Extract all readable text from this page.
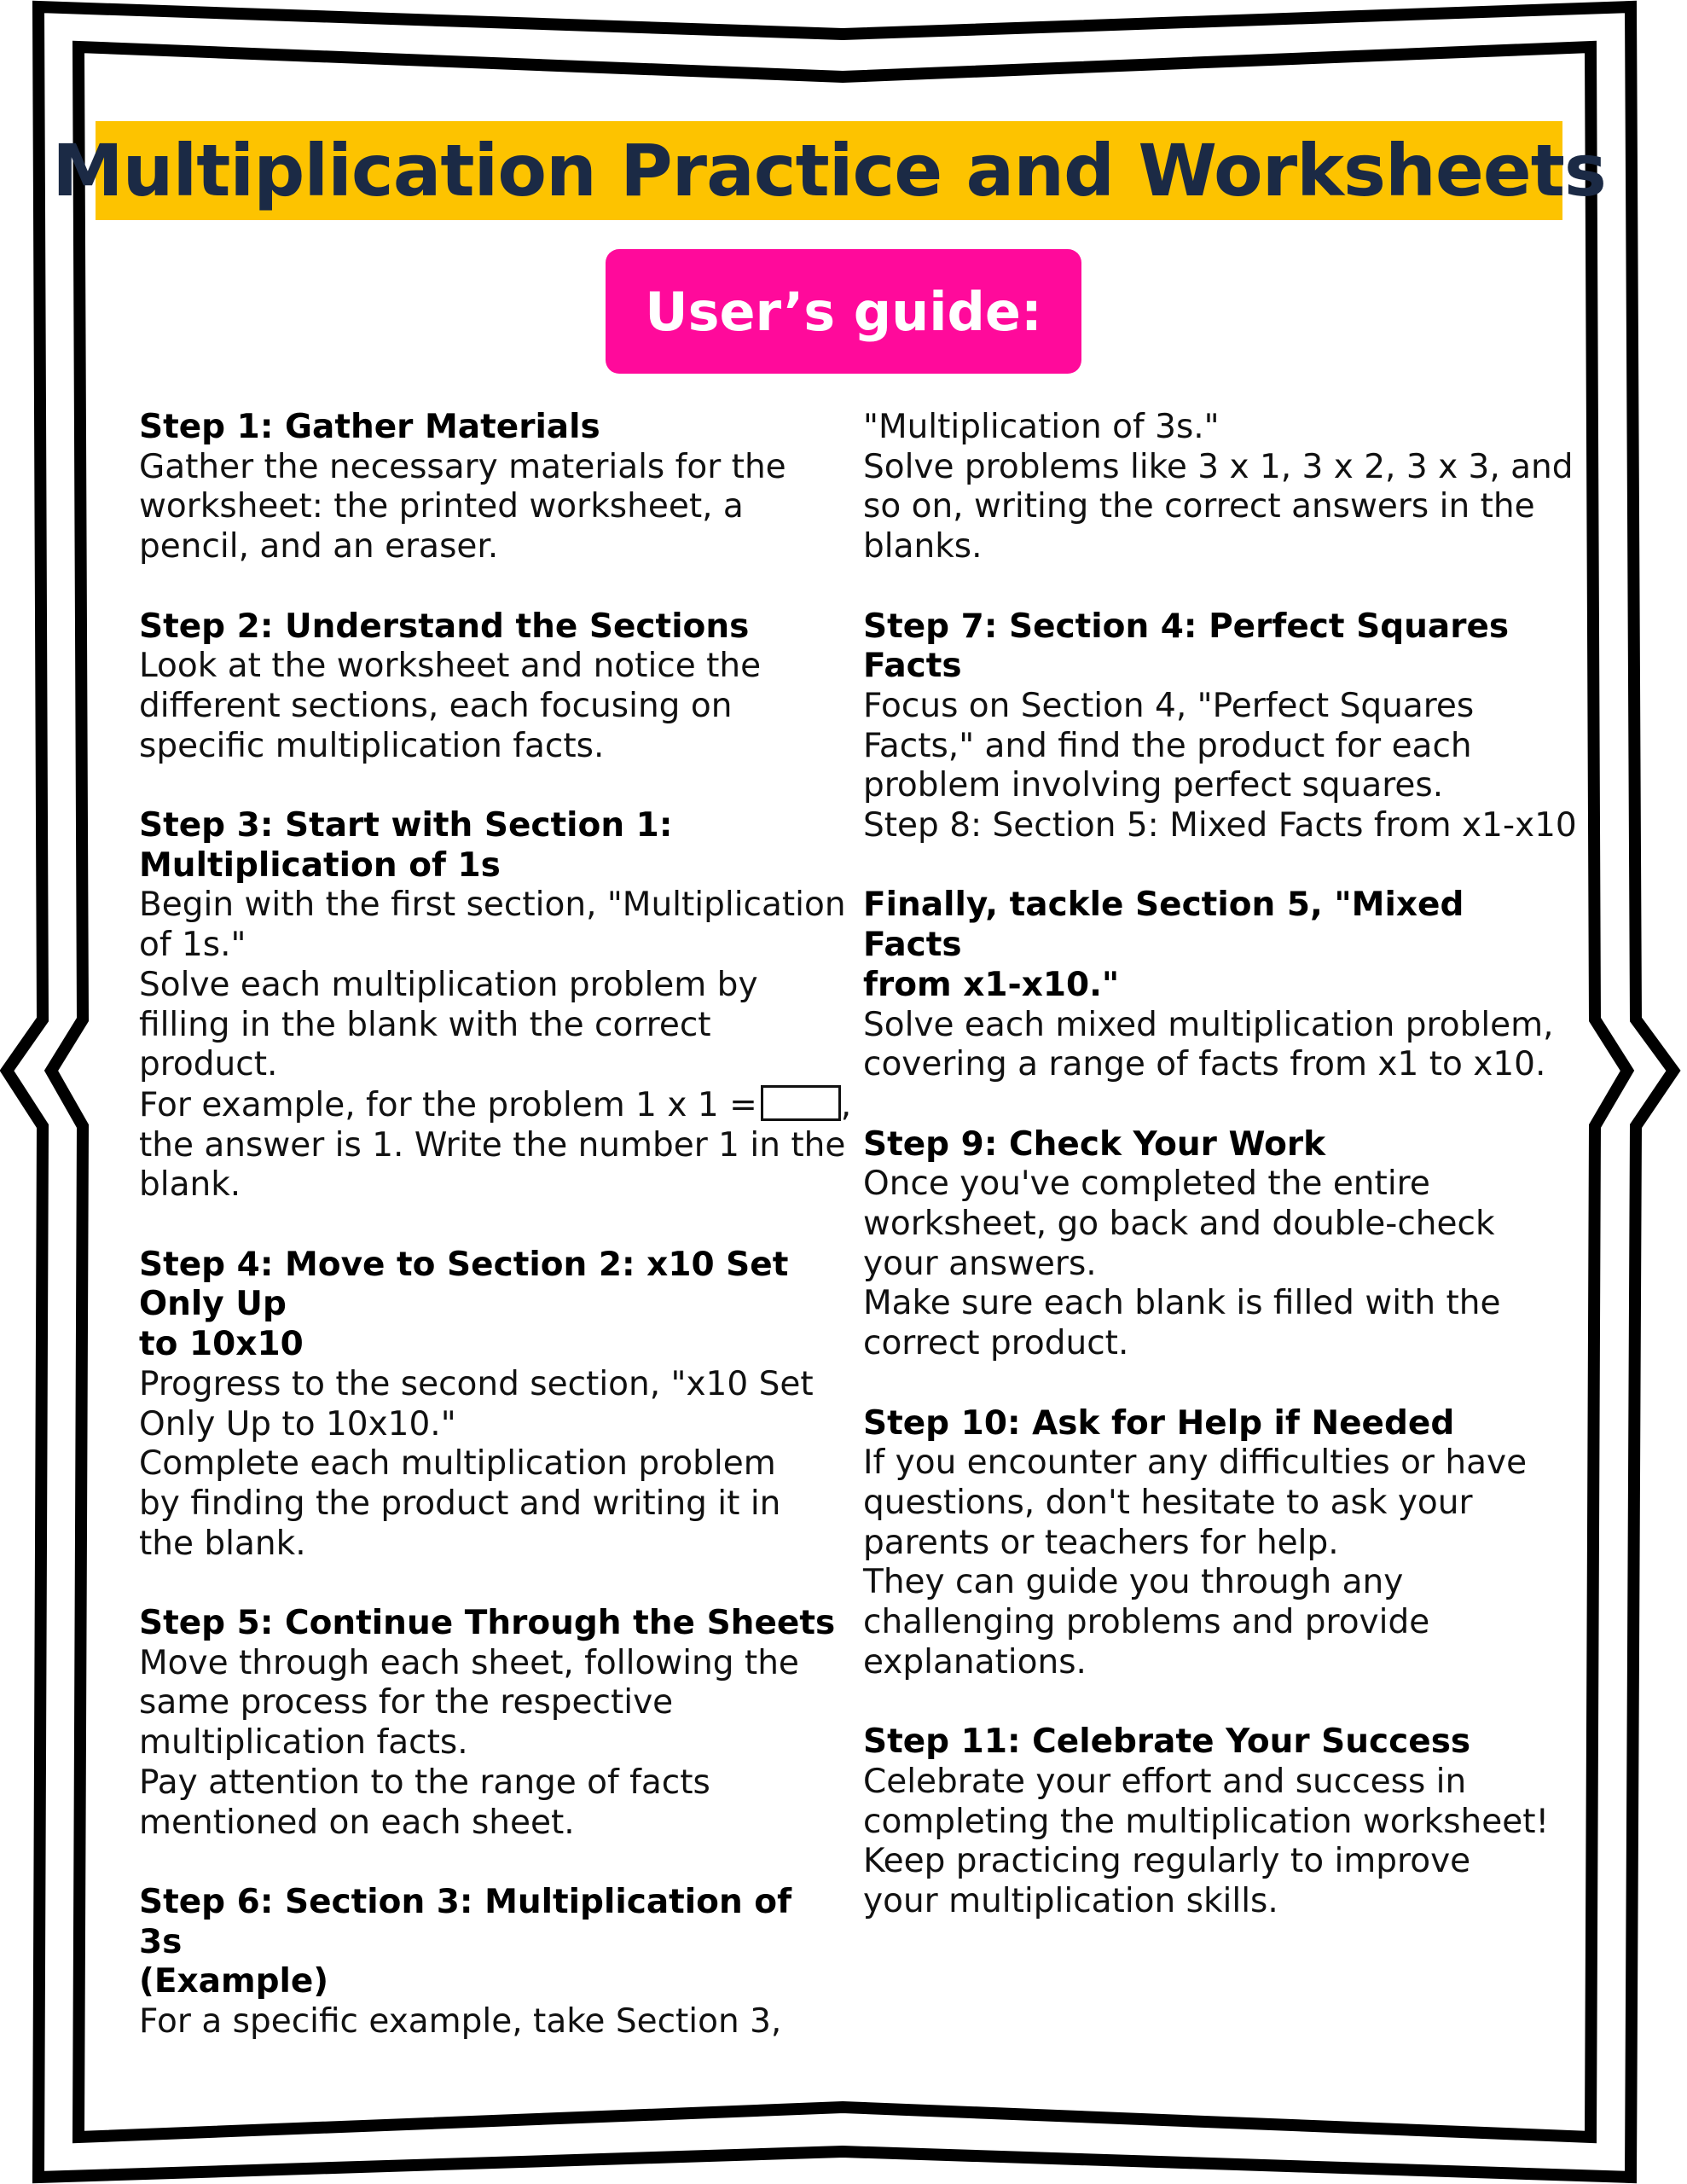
Multiplication Practice and Worksheets
User’s guide:
Step 1: Gather Materials
Gather the necessary materials for the
worksheet: the printed worksheet, a
pencil, and an eraser.
Step 2: Understand the Sections
Look at the worksheet and notice the
different sections, each focusing on
specific multiplication facts.
Step 3: Start with Section 1:
Multiplication of 1s
Begin with the first section, "Multiplication
of 1s."
Solve each multiplication problem by
filling in the blank with the correct
product.
For example, for the problem 1 x 1 =	,
the answer is 1. Write the number 1 in the
blank.
Step 4: Move to Section 2: x10 Set Only Up
to 10x10
Progress to the second section, "x10 Set
Only Up to 10x10."
Complete each multiplication problem
by finding the product and writing it in
the blank.
Step 5: Continue Through the Sheets
Move through each sheet, following the
same process for the respective
multiplication facts.
Pay attention to the range of facts
mentioned on each sheet.
Step 6: Section 3: Multiplication of 3s
(Example)
For a specific example, take Section 3,
"Multiplication of 3s."
Solve problems like 3 x 1, 3 x 2, 3 x 3, and
so on, writing the correct answers in the
blanks.
Step 7: Section 4: Perfect Squares Facts
Focus on Section 4, "Perfect Squares
Facts," and find the product for each
problem involving perfect squares.
Step 8: Section 5: Mixed Facts from x1-x10
Finally, tackle Section 5, "Mixed Facts
from x1-x10."
Solve each mixed multiplication problem,
covering a range of facts from x1 to x10.
Step 9: Check Your Work
Once you've completed the entire
worksheet, go back and double-check
your answers.
Make sure each blank is filled with the
correct product.
Step 10: Ask for Help if Needed
If you encounter any difficulties or have
questions, don't hesitate to ask your
parents or teachers for help.
They can guide you through any
challenging problems and provide
explanations.
Step 11: Celebrate Your Success
Celebrate your effort and success in
completing the multiplication worksheet!
Keep practicing regularly to improve
your multiplication skills.
